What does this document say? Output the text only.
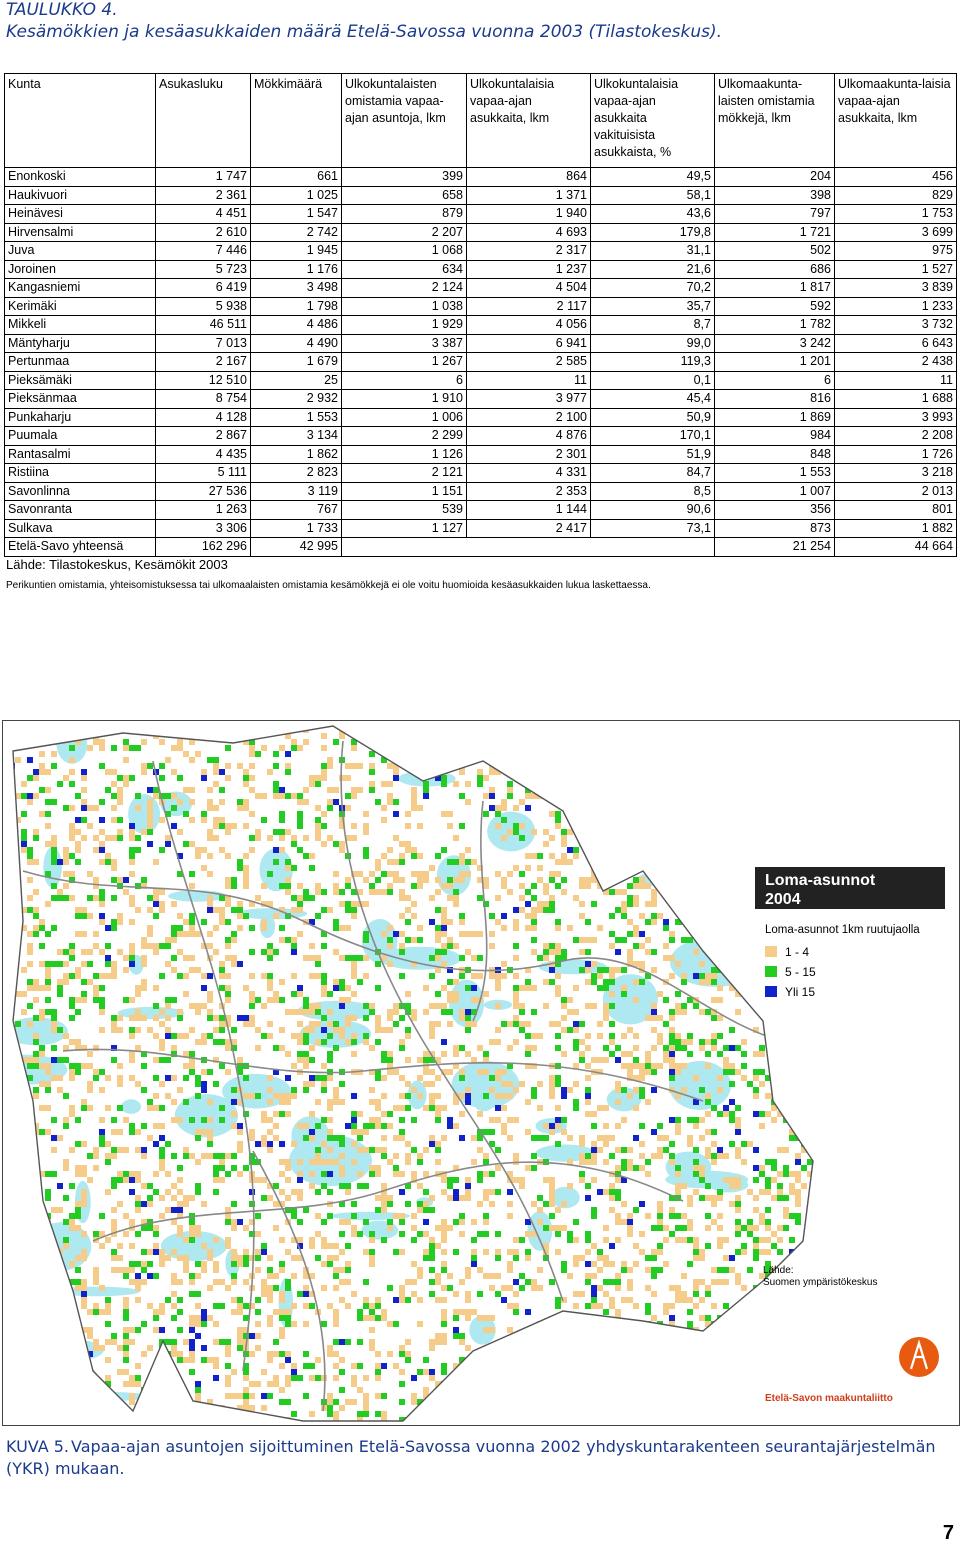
TAULUKKO 4.
Kesämökkien ja kesäasukkaiden määrä Etelä-Savossa vuonna 2003 (Tilastokeskus).
Kunta	Asukasluku	Mökkimäärä	Ulkokuntalaisten omistamia vapaa-ajan asuntoja, lkm	Ulkokuntalaisia vapaa-ajan asukkaita, lkm	Ulkokuntalaisia vapaa-ajan asukkaita vakituisista asukkaista, %	Ulkomaakunta-laisten omistamia mökkejä, lkm	Ulkomaakunta-laisia vapaa-ajan asukkaita, lkm
Enonkoski	1 747	661	399	864	49,5	204	456
Haukivuori	2 361	1 025	658	1 371	58,1	398	829
Heinävesi	4 451	1 547	879	1 940	43,6	797	1 753
Hirvensalmi	2 610	2 742	2 207	4 693	179,8	1 721	3 699
Juva	7 446	1 945	1 068	2 317	31,1	502	975
Joroinen	5 723	1 176	634	1 237	21,6	686	1 527
Kangasniemi	6 419	3 498	2 124	4 504	70,2	1 817	3 839
Kerimäki	5 938	1 798	1 038	2 117	35,7	592	1 233
Mikkeli	46 511	4 486	1 929	4 056	8,7	1 782	3 732
Mäntyharju	7 013	4 490	3 387	6 941	99,0	3 242	6 643
Pertunmaa	2 167	1 679	1 267	2 585	119,3	1 201	2 438
Pieksämäki	12 510	25	6	11	0,1	6	11
Pieksänmaa	8 754	2 932	1 910	3 977	45,4	816	1 688
Punkaharju	4 128	1 553	1 006	2 100	50,9	1 869	3 993
Puumala	2 867	3 134	2 299	4 876	170,1	984	2 208
Rantasalmi	4 435	1 862	1 126	2 301	51,9	848	1 726
Ristiina	5 111	2 823	2 121	4 331	84,7	1 553	3 218
Savonlinna	27 536	3 119	1 151	2 353	8,5	1 007	2 013
Savonranta	1 263	767	539	1 144	90,6	356	801
Sulkava	3 306	1 733	1 127	2 417	73,1	873	1 882
Etelä-Savo yhteensä	162 296	42 995				21 254	44 664
Lähde: Tilastokeskus, Kesämökit 2003
Perikuntien omistamia, yhteisomistuksessa tai ulkomaalaisten omistamia kesämökkejä ei ole voitu huomioida kesäasukkaiden lukua laskettaessa.
Loma-asunnot
2004
Loma-asunnot 1km ruutujaolla
1 - 4
5 - 15
Yli 15
Lähde:
Suomen ympäristökeskus
Etelä-Savon maakuntaliitto
KUVA 5. Vapaa-ajan asuntojen sijoittuminen Etelä-Savossa vuonna 2002 yhdyskuntarakenteen seurantajärjestelmän (YKR) mukaan.
7
